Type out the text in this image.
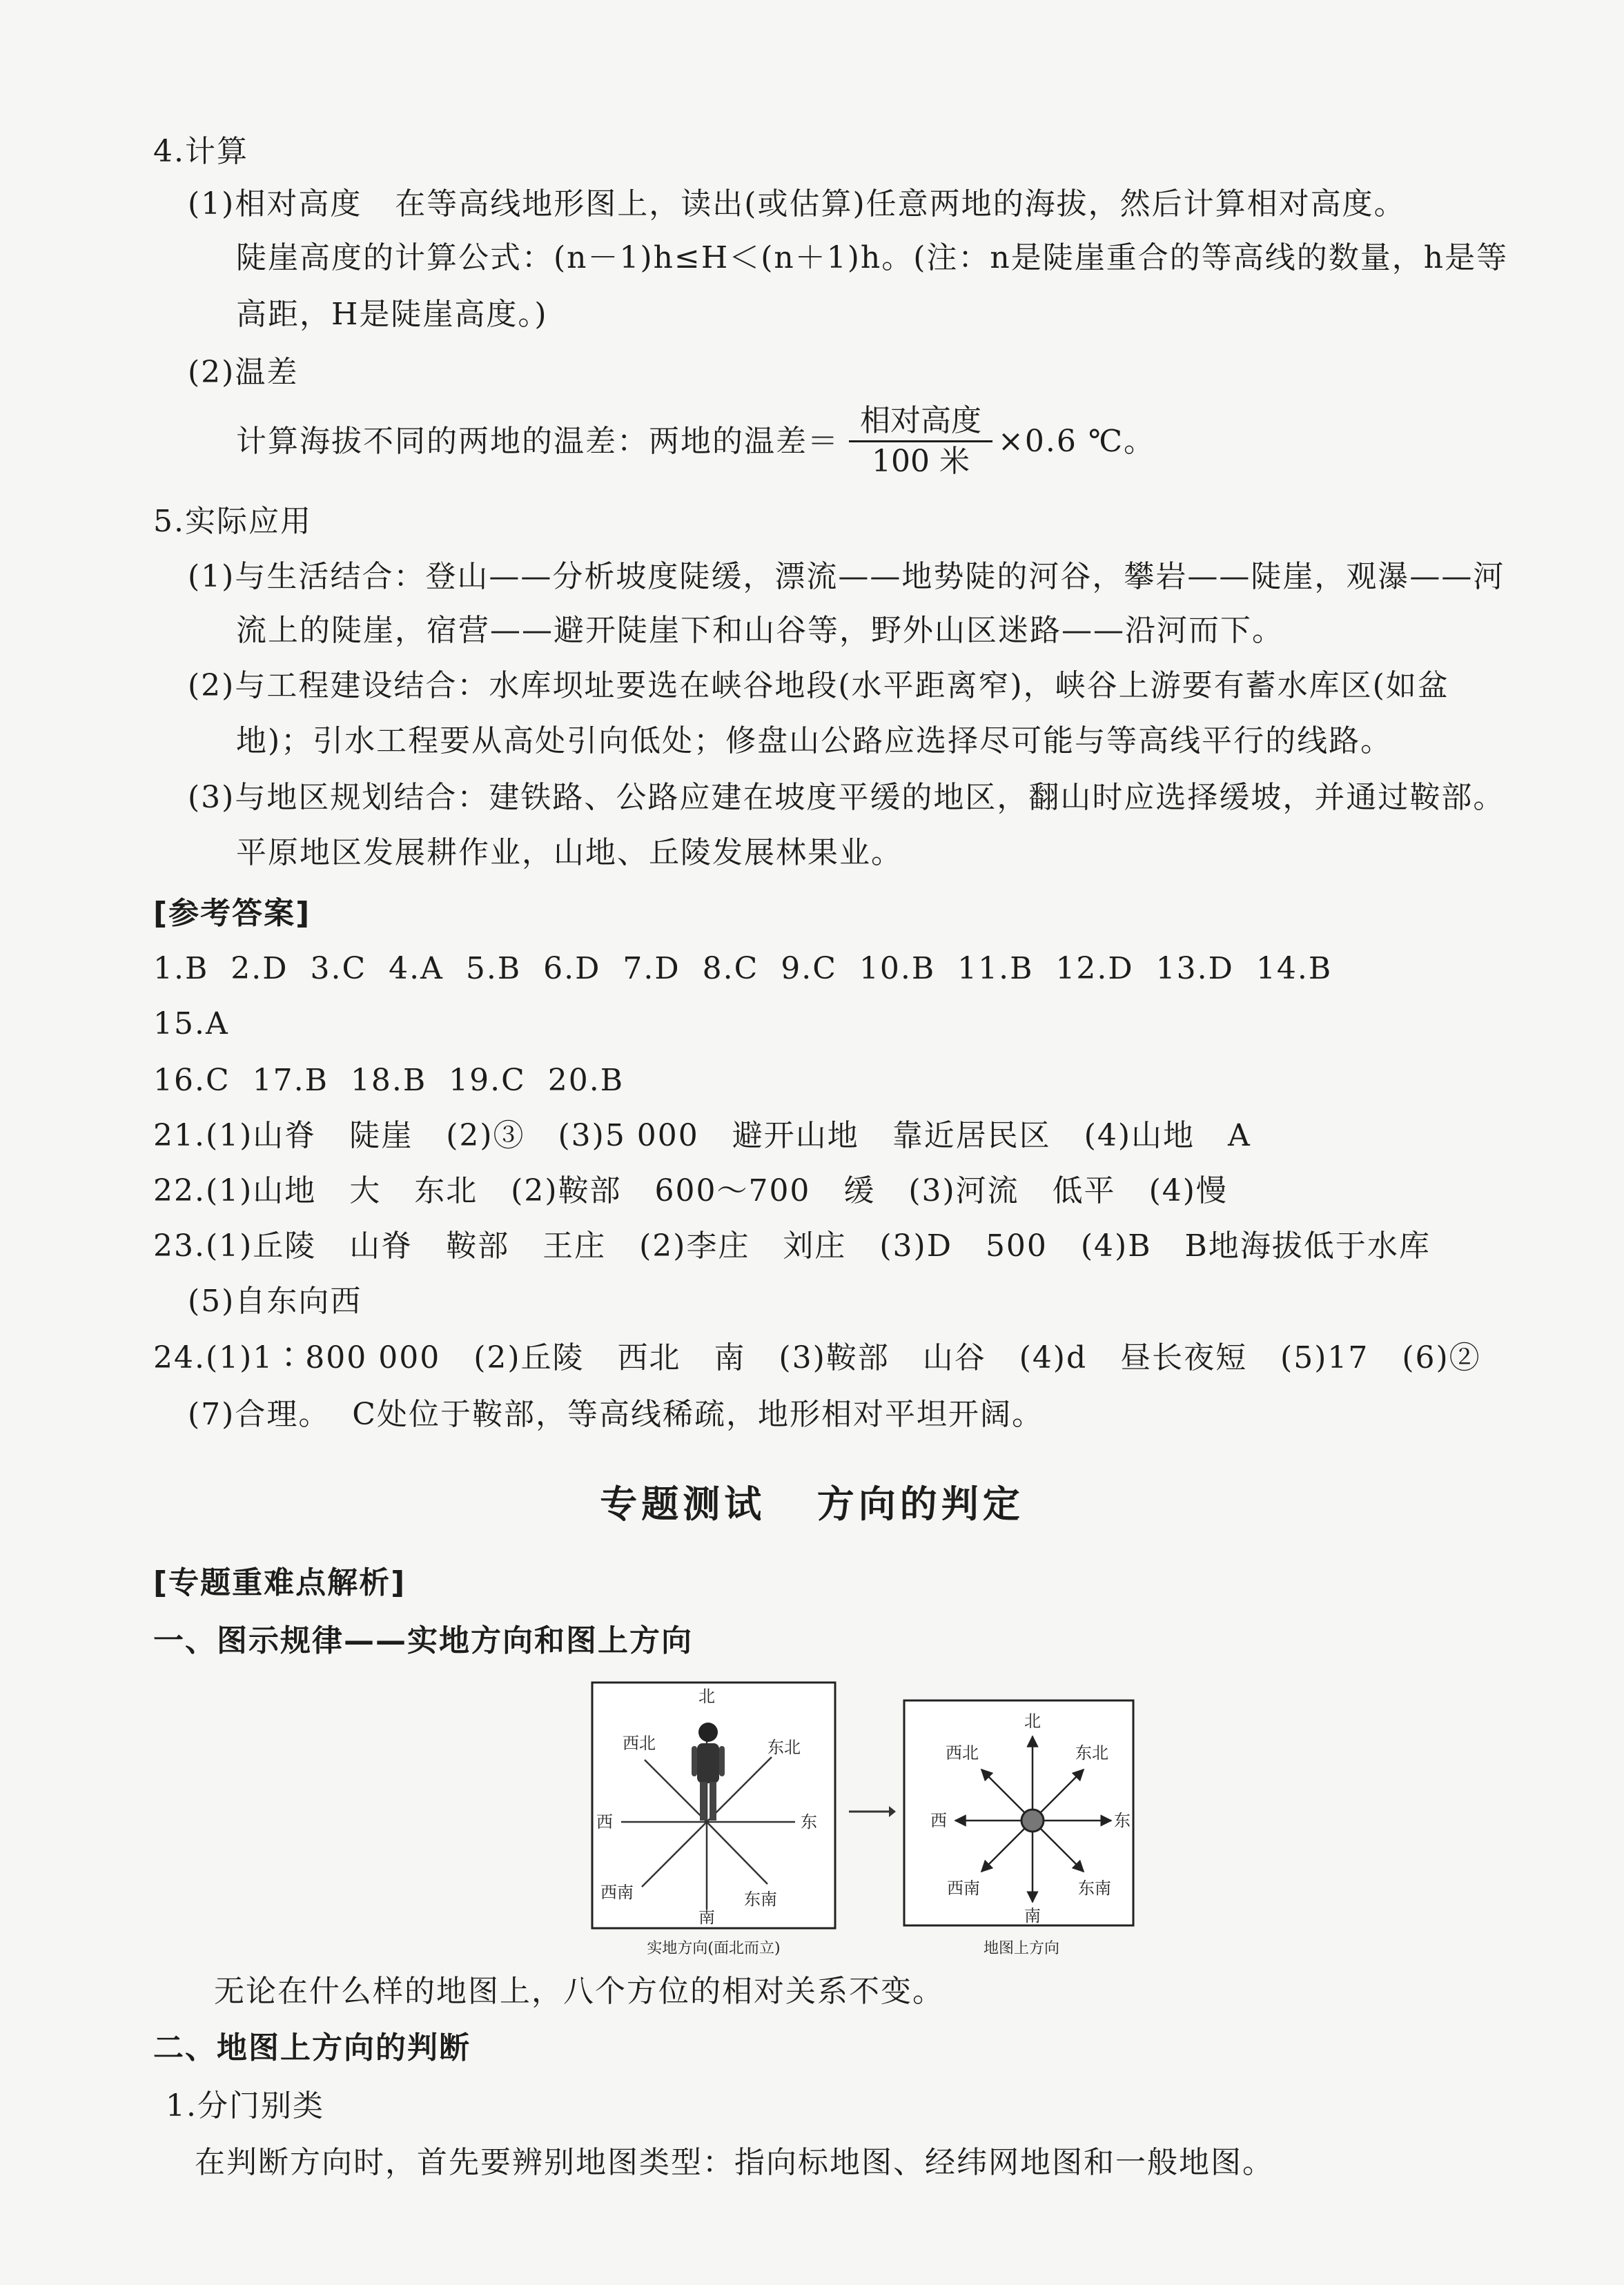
4.计算
(1)相对高度 在等高线地形图上，读出(或估算)任意两地的海拔，然后计算相对高度。
陡崖高度的计算公式：(n－1)h≤H＜(n＋1)h。(注：n是陡崖重合的等高线的数量，h是等
高距，H是陡崖高度。)
(2)温差
计算海拔不同的两地的温差：两地的温差＝
相对高度
100 米
×0.6 ℃。
5.实际应用
(1)与生活结合：登山——分析坡度陡缓，漂流——地势陡的河谷，攀岩——陡崖，观瀑——河
流上的陡崖，宿营——避开陡崖下和山谷等，野外山区迷路——沿河而下。
(2)与工程建设结合：水库坝址要选在峡谷地段(水平距离窄)，峡谷上游要有蓄水库区(如盆
地)；引水工程要从高处引向低处；修盘山公路应选择尽可能与等高线平行的线路。
(3)与地区规划结合：建铁路、公路应建在坡度平缓的地区，翻山时应选择缓坡，并通过鞍部。
平原地区发展耕作业，山地、丘陵发展林果业。
[参考答案]
1.B  2.D  3.C  4.A  5.B  6.D  7.D  8.C  9.C  10.B  11.B  12.D  13.D  14.B
15.A
16.C  17.B  18.B  19.C  20.B
21.(1)山脊   陡崖   (2)③   (3)5 000   避开山地   靠近居民区   (4)山地   A
22.(1)山地   大   东北   (2)鞍部   600～700   缓   (3)河流   低平   (4)慢
23.(1)丘陵   山脊   鞍部   王庄   (2)李庄   刘庄   (3)D   500   (4)B   B地海拔低于水库
(5)自东向西
24.(1)1∶800 000   (2)丘陵   西北   南   (3)鞍部   山谷   (4)d   昼长夜短   (5)17   (6)②
(7)合理。  C处位于鞍部，等高线稀疏，地形相对平坦开阔。
专题测试   方向的判定
[专题重难点解析]
一、图示规律——实地方向和图上方向
北
南
东
西
东北
西北
东南
西南
实地方向(面北而立)
北
南
东
西
东北
西北
东南
西南
地图上方向
无论在什么样的地图上，八个方位的相对关系不变。
二、地图上方向的判断
1.分门别类
在判断方向时，首先要辨别地图类型：指向标地图、经纬网地图和一般地图。
